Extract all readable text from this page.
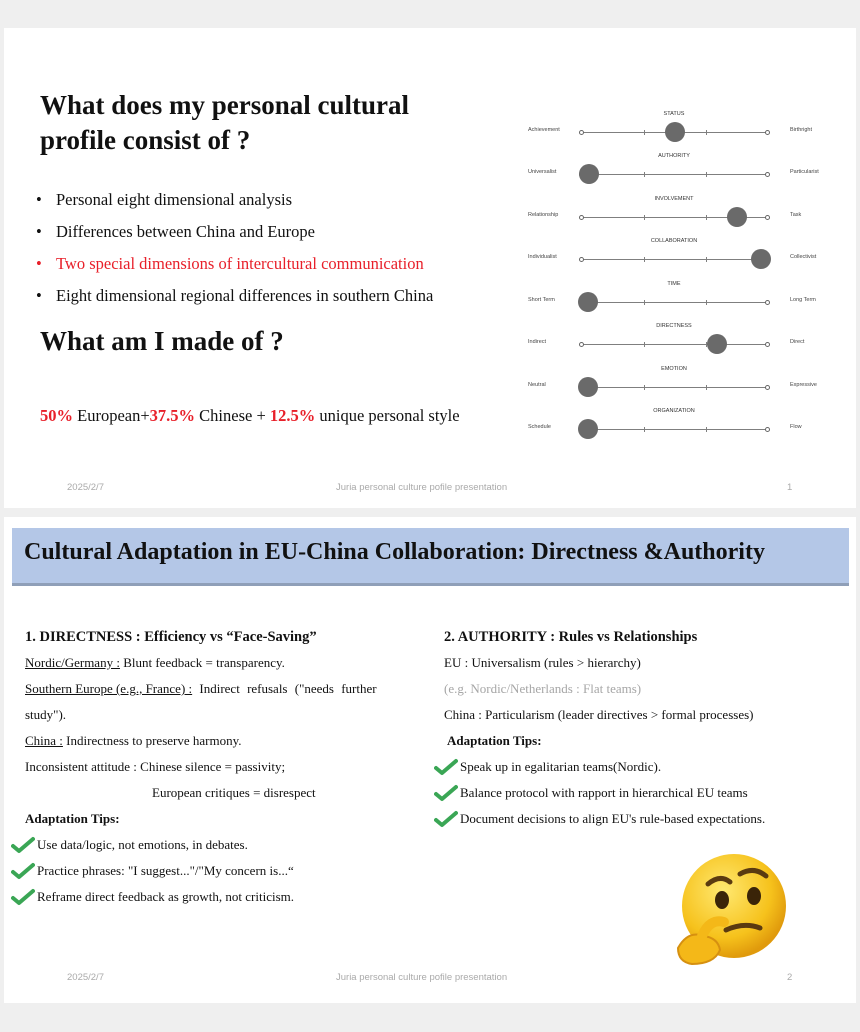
What does my personal cultural profile consist of ?
• Personal eight dimensional analysis
• Differences between China and Europe
• Two special dimensions of intercultural communication
• Eight dimensional regional differences in southern China
What am I made of ?
50% European+37.5% Chinese + 12.5% unique personal style
Achievement	Birthright
STATUS
Universalist	Particularist
AUTHORITY
Relationship	Task
INVOLVEMENT
Individualist	Collectivist
COLLABORATION
Short Term	Long Term
TIME
Indirect	Direct
DIRECTNESS
Neutral	Expressive
EMOTION
Schedule	Flow
ORGANIZATION
2025/2/7	Juria personal culture pofile presentation	1
Cultural Adaptation in EU-China Collaboration: Directness &Authority

1. DIRECTNESS : Efficiency vs “Face-Saving”

Nordic/Germany : Blunt feedback = transparency.

Southern Europe (e.g., France) : Indirect refusals ("needs further

study").

China : Indirectness to preserve harmony.

Inconsistent attitude : Chinese silence = passivity;

European critiques = disrespect

Adaptation Tips:

Use data/logic, not emotions, in debates.

Practice phrases: "I suggest..."/"My concern is...“

Reframe direct feedback as growth, not criticism.

2. AUTHORITY : Rules vs Relationships

EU : Universalism (rules > hierarchy)

(e.g. Nordic/Netherlands : Flat teams)

China : Particularism (leader directives > formal processes)

Adaptation Tips:

Speak up in egalitarian teams(Nordic).

Balance protocol with rapport in hierarchical EU teams

Document decisions to align EU's rule-based expectations.

2025/2/7	Juria personal culture pofile presentation	2
